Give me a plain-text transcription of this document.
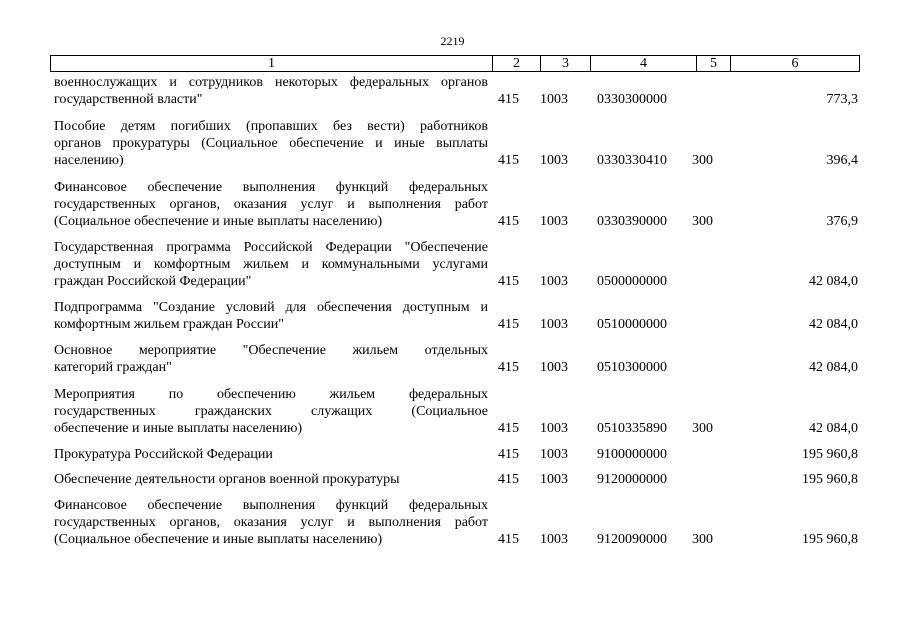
2219
1	2	3	4	5	6
военнослужащих и сотрудников некоторых федеральных органов
государственной власти"	415 1003 0330300000	773,3
Пособие детям погибших (пропавших без вести) работников
органов прокуратуры (Социальное обеспечение и иные выплаты
населению)	415 1003 0330330410 300	396,4
Финансовое обеспечение выполнения функций федеральных
государственных органов, оказания услуг и выполнения работ
(Социальное обеспечение и иные выплаты населению)	415 1003 0330390000 300	376,9
Государственная программа Российской Федерации "Обеспечение
доступным и комфортным жильем и коммунальными услугами
граждан Российской Федерации"	415 1003 0500000000	42 084,0
Подпрограмма "Создание условий для обеспечения доступным и
комфортным жильем граждан России"	415 1003 0510000000	42 084,0
Основное мероприятие "Обеспечение жильем отдельных
категорий граждан"	415 1003 0510300000	42 084,0
Мероприятия по обеспечению жильем федеральных
государственных гражданских служащих (Социальное
обеспечение и иные выплаты населению)	415 1003 0510335890 300	42 084,0
Прокуратура Российской Федерации	415 1003 9100000000	195 960,8
Обеспечение деятельности органов военной прокуратуры	415 1003 9120000000	195 960,8
Финансовое обеспечение выполнения функций федеральных
государственных органов, оказания услуг и выполнения работ
(Социальное обеспечение и иные выплаты населению)	415 1003 9120090000 300	195 960,8
